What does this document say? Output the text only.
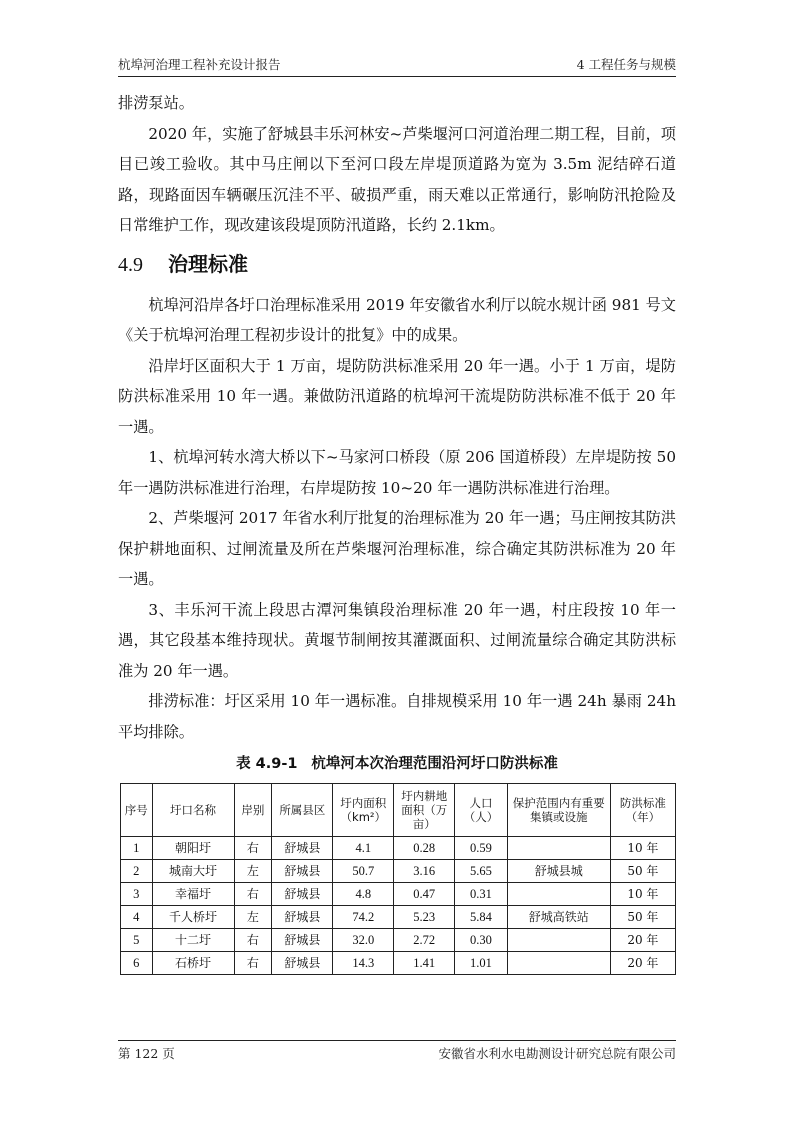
杭埠河治理工程补充设计报告	4 工程任务与规模

排涝泵站。

2020 年，实施了舒城县丰乐河林安~芦柴堰河口河道治理二期工程，目前，项目已竣工验收。其中马庄闸以下至河口段左岸堤顶道路为宽为 3.5m 泥结碎石道路，现路面因车辆碾压沉洼不平、破损严重，雨天难以正常通行，影响防汛抢险及日常维护工作，现改建该段堤顶防汛道路，长约 2.1km。

4.9 治理标准

杭埠河沿岸各圩口治理标准采用 2019 年安徽省水利厅以皖水规计函 981 号文《关于杭埠河治理工程初步设计的批复》中的成果。

沿岸圩区面积大于 1 万亩，堤防防洪标准采用 20 年一遇。小于 1 万亩，堤防防洪标准采用 10 年一遇。兼做防汛道路的杭埠河干流堤防防洪标准不低于 20 年一遇。

1、杭埠河转水湾大桥以下~马家河口桥段（原 206 国道桥段）左岸堤防按 50 年一遇防洪标准进行治理，右岸堤防按 10~20 年一遇防洪标准进行治理。

2、芦柴堰河 2017 年省水利厅批复的治理标准为 20 年一遇；马庄闸按其防洪保护耕地面积、过闸流量及所在芦柴堰河治理标准，综合确定其防洪标准为 20 年一遇。

3、丰乐河干流上段思古潭河集镇段治理标准 20 年一遇，村庄段按 10 年一遇，其它段基本维持现状。黄堰节制闸按其灌溉面积、过闸流量综合确定其防洪标准为 20 年一遇。

排涝标准：圩区采用 10 年一遇标准。自排规模采用 10 年一遇 24h 暴雨 24h 平均排除。

表 4.9-1 杭埠河本次治理范围沿河圩口防洪标准
序号	圩口名称	岸别	所属县区	圩内面积（km²）	圩内耕地面积（万亩）	人口（人）	保护范围内有重要集镇或设施	防洪标准（年）
1	朝阳圩	右	舒城县	4.1	0.28	0.59		10 年
2	城南大圩	左	舒城县	50.7	3.16	5.65	舒城县城	50 年
3	幸福圩	右	舒城县	4.8	0.47	0.31		10 年
4	千人桥圩	左	舒城县	74.2	5.23	5.84	舒城高铁站	50 年
5	十二圩	右	舒城县	32.0	2.72	0.30		20 年
6	石桥圩	右	舒城县	14.3	1.41	1.01		20 年
第 122 页	安徽省水利水电勘测设计研究总院有限公司
